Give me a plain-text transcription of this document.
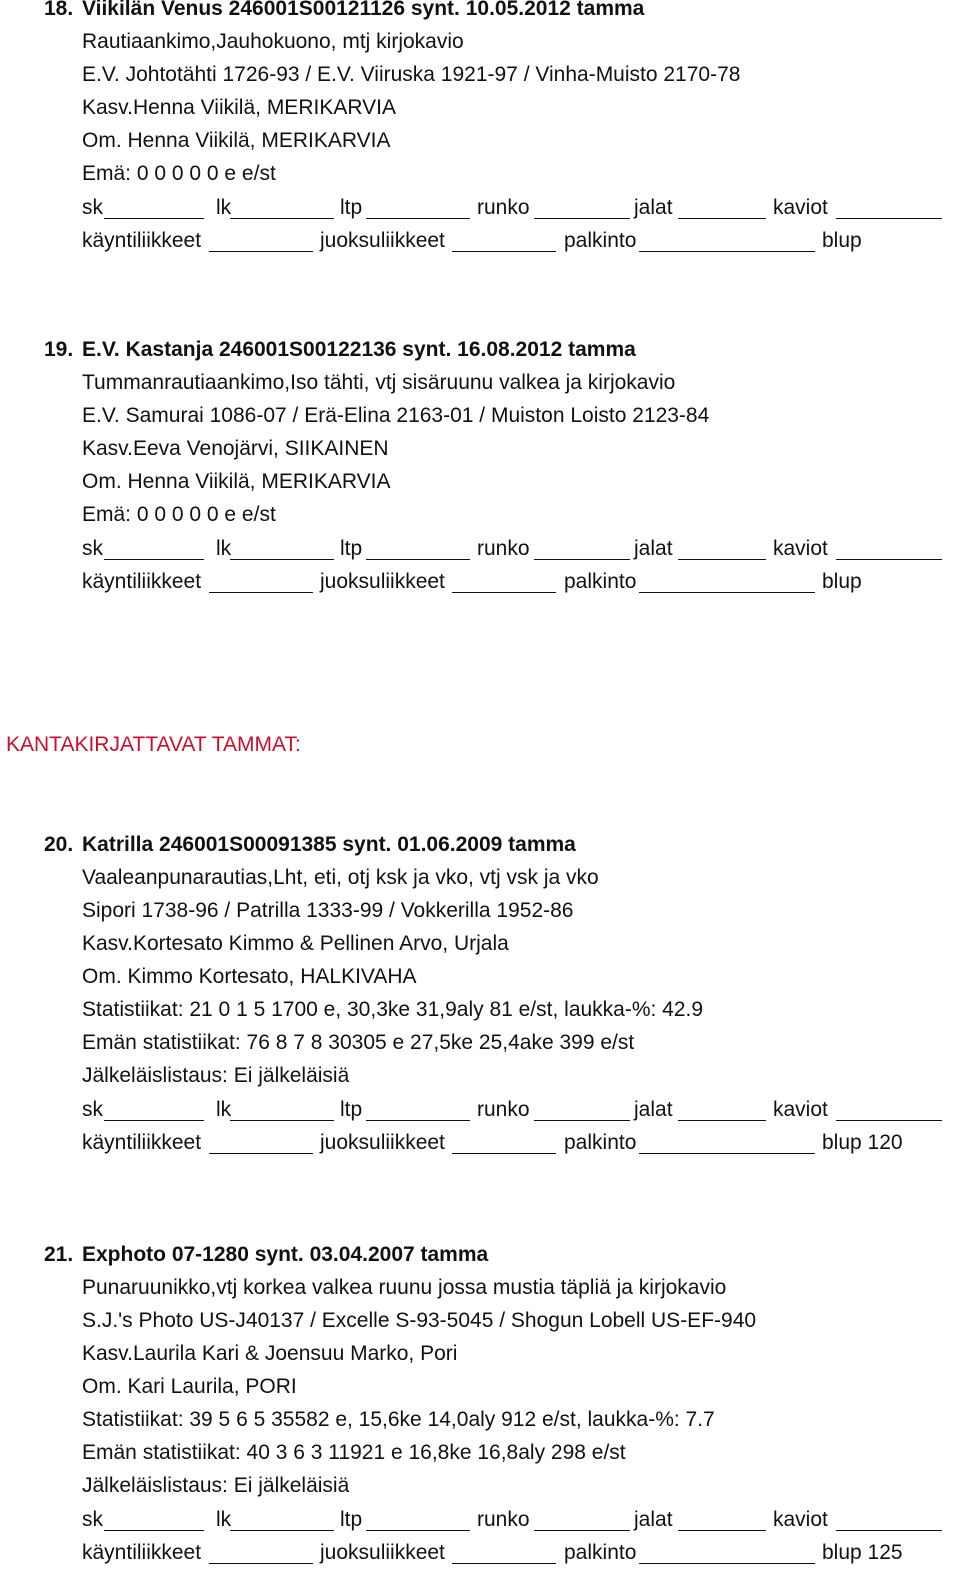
18. Viikilän Venus 246001S00121126 synt. 10.05.2012 tamma
Rautiaankimo,Jauhokuono, mtj kirjokavio
E.V. Johtotähti 1726-93 / E.V. Viiruska 1921-97 / Vinha-Muisto 2170-78
Kasv.Henna Viikilä, MERIKARVIA
Om. Henna Viikilä, MERIKARVIA
Emä: 0 0 0 0 0 e e/st
sk	lk	ltp	runko	jalat	kaviot
käyntiliikkeet	juoksuliikkeet	palkinto	blup
19. E.V. Kastanja 246001S00122136 synt. 16.08.2012 tamma
Tummanrautiaankimo,Iso tähti, vtj sisäruunu valkea ja kirjokavio
E.V. Samurai 1086-07 / Erä-Elina 2163-01 / Muiston Loisto 2123-84
Kasv.Eeva Venojärvi, SIIKAINEN
Om. Henna Viikilä, MERIKARVIA
Emä: 0 0 0 0 0 e e/st
sk	lk	ltp	runko	jalat	kaviot
käyntiliikkeet	juoksuliikkeet	palkinto	blup
KANTAKIRJATTAVAT TAMMAT:
20. Katrilla 246001S00091385 synt. 01.06.2009 tamma
Vaaleanpunarautias,Lht, eti, otj ksk ja vko, vtj vsk ja vko
Sipori 1738-96 / Patrilla 1333-99 / Vokkerilla 1952-86
Kasv.Kortesato Kimmo & Pellinen Arvo, Urjala
Om. Kimmo Kortesato, HALKIVAHA
Statistiikat: 21 0 1 5 1700 e, 30,3ke 31,9aly 81 e/st, laukka-%: 42.9
Emän statistiikat: 76 8 7 8 30305 e 27,5ke 25,4ake 399 e/st
Jälkeläislistaus: Ei jälkeläisiä
sk	lk	ltp	runko	jalat	kaviot
käyntiliikkeet	juoksuliikkeet	palkinto	blup 120
21. Exphoto 07-1280 synt. 03.04.2007 tamma
Punaruunikko,vtj korkea valkea ruunu jossa mustia täpliä ja kirjokavio
S.J.'s Photo US-J40137 / Excelle S-93-5045 / Shogun Lobell US-EF-940
Kasv.Laurila Kari & Joensuu Marko, Pori
Om. Kari Laurila, PORI
Statistiikat: 39 5 6 5 35582 e, 15,6ke 14,0aly 912 e/st, laukka-%: 7.7
Emän statistiikat: 40 3 6 3 11921 e 16,8ke 16,8aly 298 e/st
Jälkeläislistaus: Ei jälkeläisiä
sk	lk	ltp	runko	jalat	kaviot
käyntiliikkeet	juoksuliikkeet	palkinto	blup 125
